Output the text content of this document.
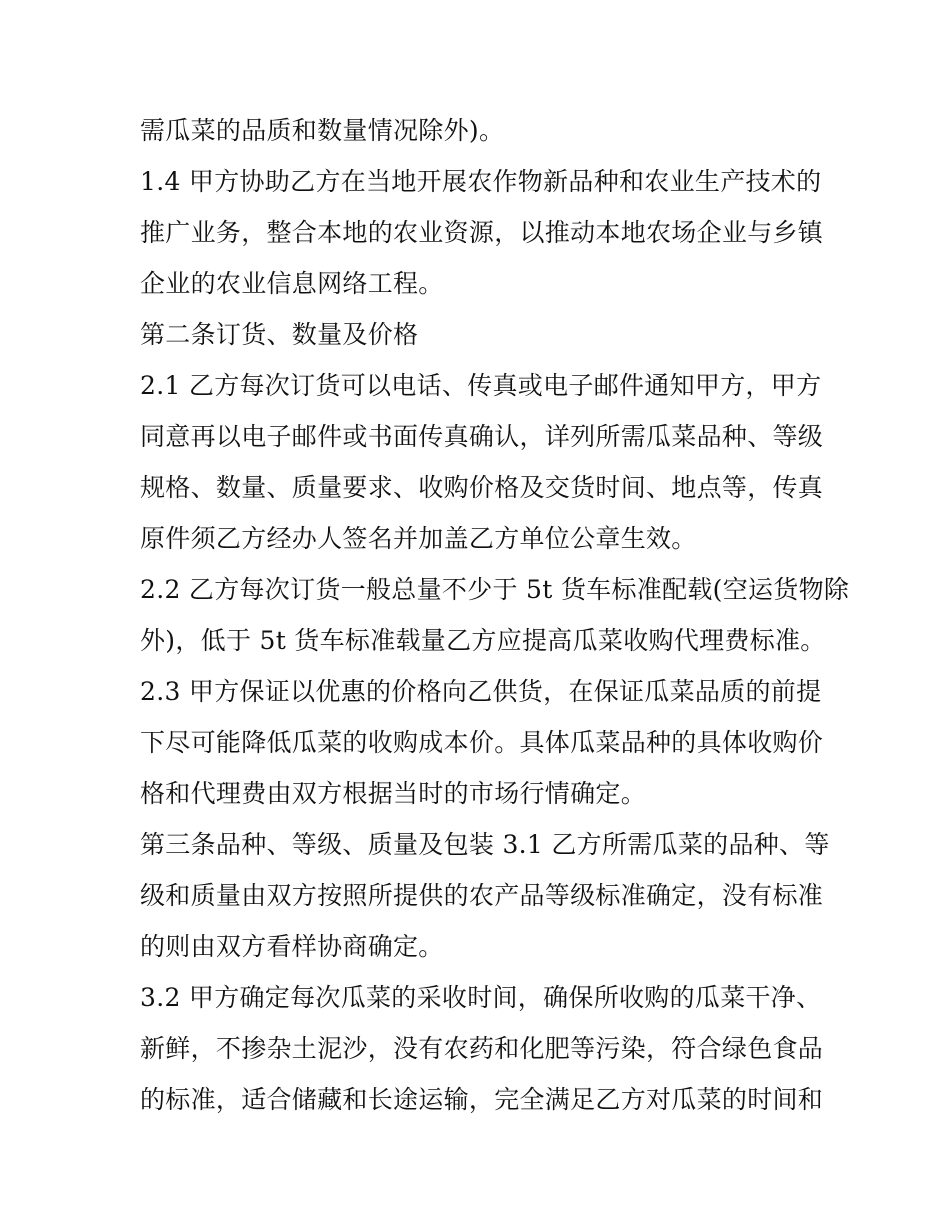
需瓜菜的品质和数量情况除外)。
1.4 甲方协助乙方在当地开展农作物新品种和农业生产技术的
推广业务，整合本地的农业资源，以推动本地农场企业与乡镇
企业的农业信息网络工程。
第二条订货、数量及价格
2.1 乙方每次订货可以电话、传真或电子邮件通知甲方，甲方
同意再以电子邮件或书面传真确认，详列所需瓜菜品种、等级
规格、数量、质量要求、收购价格及交货时间、地点等，传真
原件须乙方经办人签名并加盖乙方单位公章生效。
2.2 乙方每次订货一般总量不少于 5t 货车标准配载(空运货物除
外)，低于 5t 货车标准载量乙方应提高瓜菜收购代理费标准。
2.3 甲方保证以优惠的价格向乙供货，在保证瓜菜品质的前提
下尽可能降低瓜菜的收购成本价。具体瓜菜品种的具体收购价
格和代理费由双方根据当时的市场行情确定。
第三条品种、等级、质量及包装 3.1 乙方所需瓜菜的品种、等
级和质量由双方按照所提供的农产品等级标准确定，没有标准
的则由双方看样协商确定。
3.2 甲方确定每次瓜菜的采收时间，确保所收购的瓜菜干净、
新鲜，不掺杂土泥沙，没有农药和化肥等污染，符合绿色食品
的标准，适合储藏和长途运输，完全满足乙方对瓜菜的时间和
